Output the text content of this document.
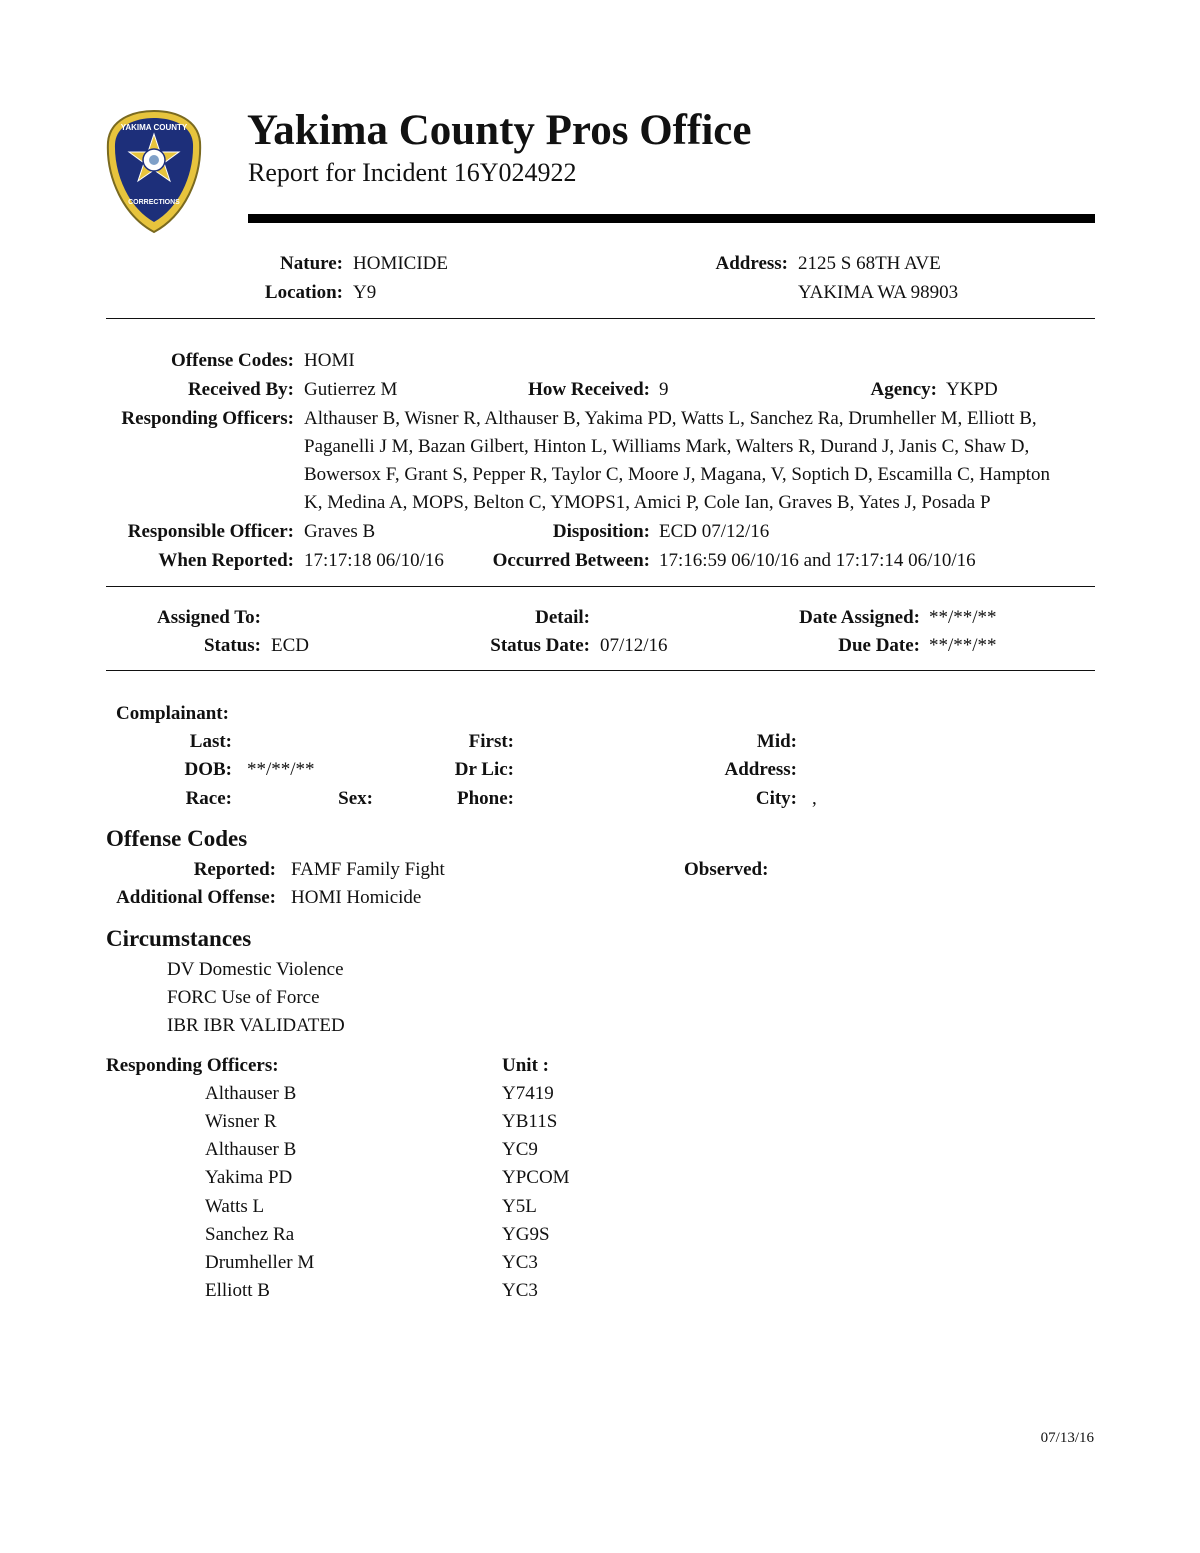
YAKIMA COUNTY
CORRECTIONS
Yakima County Pros Office
Report for Incident 16Y024922
Nature: HOMICIDE
Location: Y9
Address: 2125 S 68TH AVE
YAKIMA WA 98903
Offense Codes: HOMI
Received By: Gutierrez M	How Received: 9	Agency: YKPD
Responding Officers: Althauser B, Wisner R, Althauser B, Yakima PD, Watts L, Sanchez Ra, Drumheller M, Elliott B,
Paganelli J M, Bazan Gilbert, Hinton L, Williams Mark, Walters R, Durand J, Janis C, Shaw D,
Bowersox F, Grant S, Pepper R, Taylor C, Moore J, Magana, V, Soptich D, Escamilla C, Hampton
K, Medina A, MOPS, Belton C, YMOPS1, Amici P, Cole Ian, Graves B, Yates J, Posada P
Responsible Officer: Graves B	Disposition: ECD 07/12/16
When Reported: 17:17:18 06/10/16	Occurred Between: 17:16:59 06/10/16 and 17:17:14 06/10/16
Assigned To:	Detail:	Date Assigned: **/**/**
Status: ECD	Status Date: 07/12/16	Due Date: **/**/**
Complainant:
Last:	First:	Mid:
DOB: **/**/**	Dr Lic:	Address:
Race:	Sex:	Phone:	City: ,
Offense Codes
Reported: FAMF Family Fight	Observed:
Additional Offense: HOMI Homicide
Circumstances
DV Domestic Violence
FORC Use of Force
IBR IBR VALIDATED
Responding Officers:	Unit :
Althauser B	Y7419
Wisner R	YB11S
Althauser B	YC9
Yakima PD	YPCOM
Watts L	Y5L
Sanchez Ra	YG9S
Drumheller M	YC3
Elliott B	YC3
07/13/16
